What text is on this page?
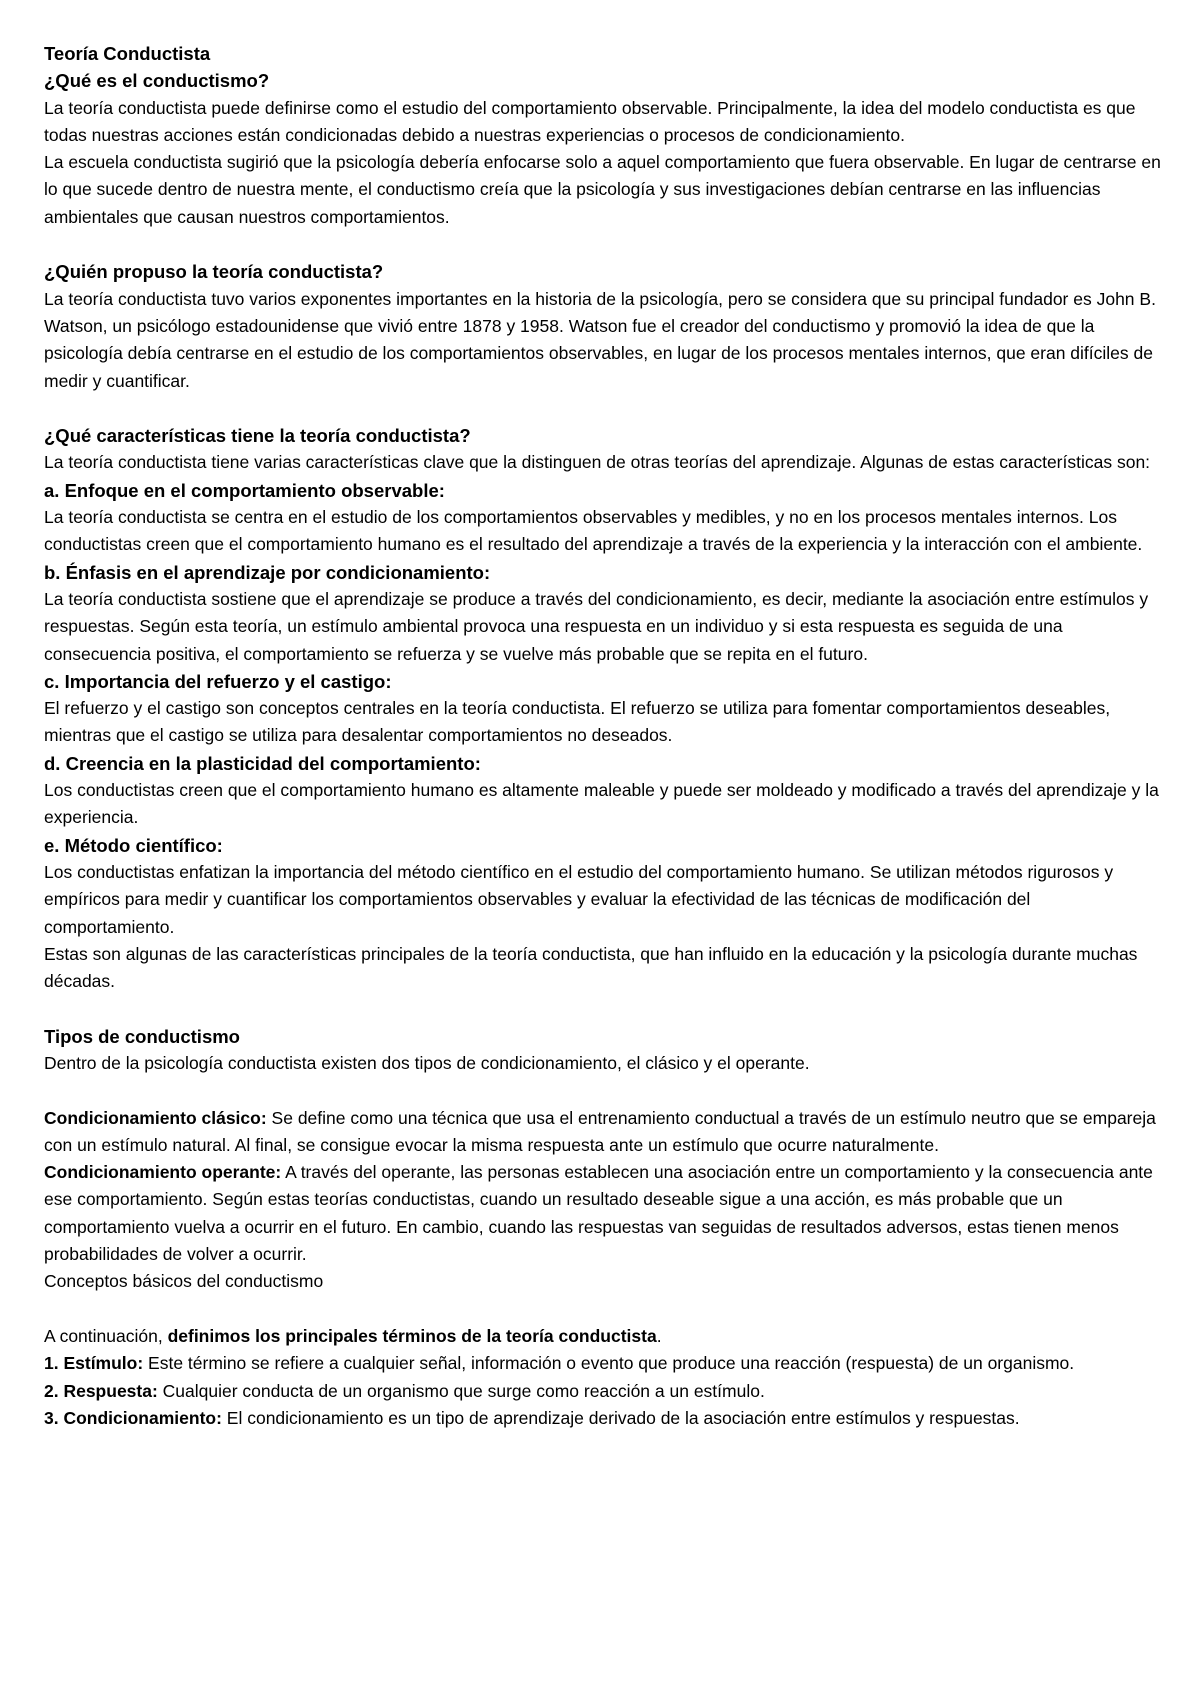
Teoría Conductista

¿Qué es el conductismo?

La teoría conductista puede definirse como el estudio del comportamiento observable. Principalmente, la idea del modelo conductista es que todas nuestras acciones están condicionadas debido a nuestras experiencias o procesos de condicionamiento.

La escuela conductista sugirió que la psicología debería enfocarse solo a aquel comportamiento que fuera observable. En lugar de centrarse en lo que sucede dentro de nuestra mente, el conductismo creía que la psicología y sus investigaciones debían centrarse en las influencias ambientales que causan nuestros comportamientos.

¿Quién propuso la teoría conductista?

La teoría conductista tuvo varios exponentes importantes en la historia de la psicología, pero se considera que su principal fundador es John B. Watson, un psicólogo estadounidense que vivió entre 1878 y 1958. Watson fue el creador del conductismo y promovió la idea de que la psicología debía centrarse en el estudio de los comportamientos observables, en lugar de los procesos mentales internos, que eran difíciles de medir y cuantificar.

¿Qué características tiene la teoría conductista?

La teoría conductista tiene varias características clave que la distinguen de otras teorías del aprendizaje. Algunas de estas características son:

a. Enfoque en el comportamiento observable:

La teoría conductista se centra en el estudio de los comportamientos observables y medibles, y no en los procesos mentales internos. Los conductistas creen que el comportamiento humano es el resultado del aprendizaje a través de la experiencia y la interacción con el ambiente.

b. Énfasis en el aprendizaje por condicionamiento:

La teoría conductista sostiene que el aprendizaje se produce a través del condicionamiento, es decir, mediante la asociación entre estímulos y respuestas. Según esta teoría, un estímulo ambiental provoca una respuesta en un individuo y si esta respuesta es seguida de una consecuencia positiva, el comportamiento se refuerza y se vuelve más probable que se repita en el futuro.

c. Importancia del refuerzo y el castigo:

El refuerzo y el castigo son conceptos centrales en la teoría conductista. El refuerzo se utiliza para fomentar comportamientos deseables, mientras que el castigo se utiliza para desalentar comportamientos no deseados.

d. Creencia en la plasticidad del comportamiento:

Los conductistas creen que el comportamiento humano es altamente maleable y puede ser moldeado y modificado a través del aprendizaje y la experiencia.

e. Método científico:

Los conductistas enfatizan la importancia del método científico en el estudio del comportamiento humano. Se utilizan métodos rigurosos y empíricos para medir y cuantificar los comportamientos observables y evaluar la efectividad de las técnicas de modificación del comportamiento.

Estas son algunas de las características principales de la teoría conductista, que han influido en la educación y la psicología durante muchas décadas.

Tipos de conductismo

Dentro de la psicología conductista existen dos tipos de condicionamiento, el clásico y el operante.

Condicionamiento clásico: Se define como una técnica que usa el entrenamiento conductual a través de un estímulo neutro que se empareja con un estímulo natural. Al final, se consigue evocar la misma respuesta ante un estímulo que ocurre naturalmente.

Condicionamiento operante: A través del operante, las personas establecen una asociación entre un comportamiento y la consecuencia ante ese comportamiento. Según estas teorías conductistas, cuando un resultado deseable sigue a una acción, es más probable que un comportamiento vuelva a ocurrir en el futuro. En cambio, cuando las respuestas van seguidas de resultados adversos, estas tienen menos probabilidades de volver a ocurrir.

Conceptos básicos del conductismo

A continuación, definimos los principales términos de la teoría conductista.

1. Estímulo: Este término se refiere a cualquier señal, información o evento que produce una reacción (respuesta) de un organismo.

2. Respuesta: Cualquier conducta de un organismo que surge como reacción a un estímulo.

3. Condicionamiento: El condicionamiento es un tipo de aprendizaje derivado de la asociación entre estímulos y respuestas.
